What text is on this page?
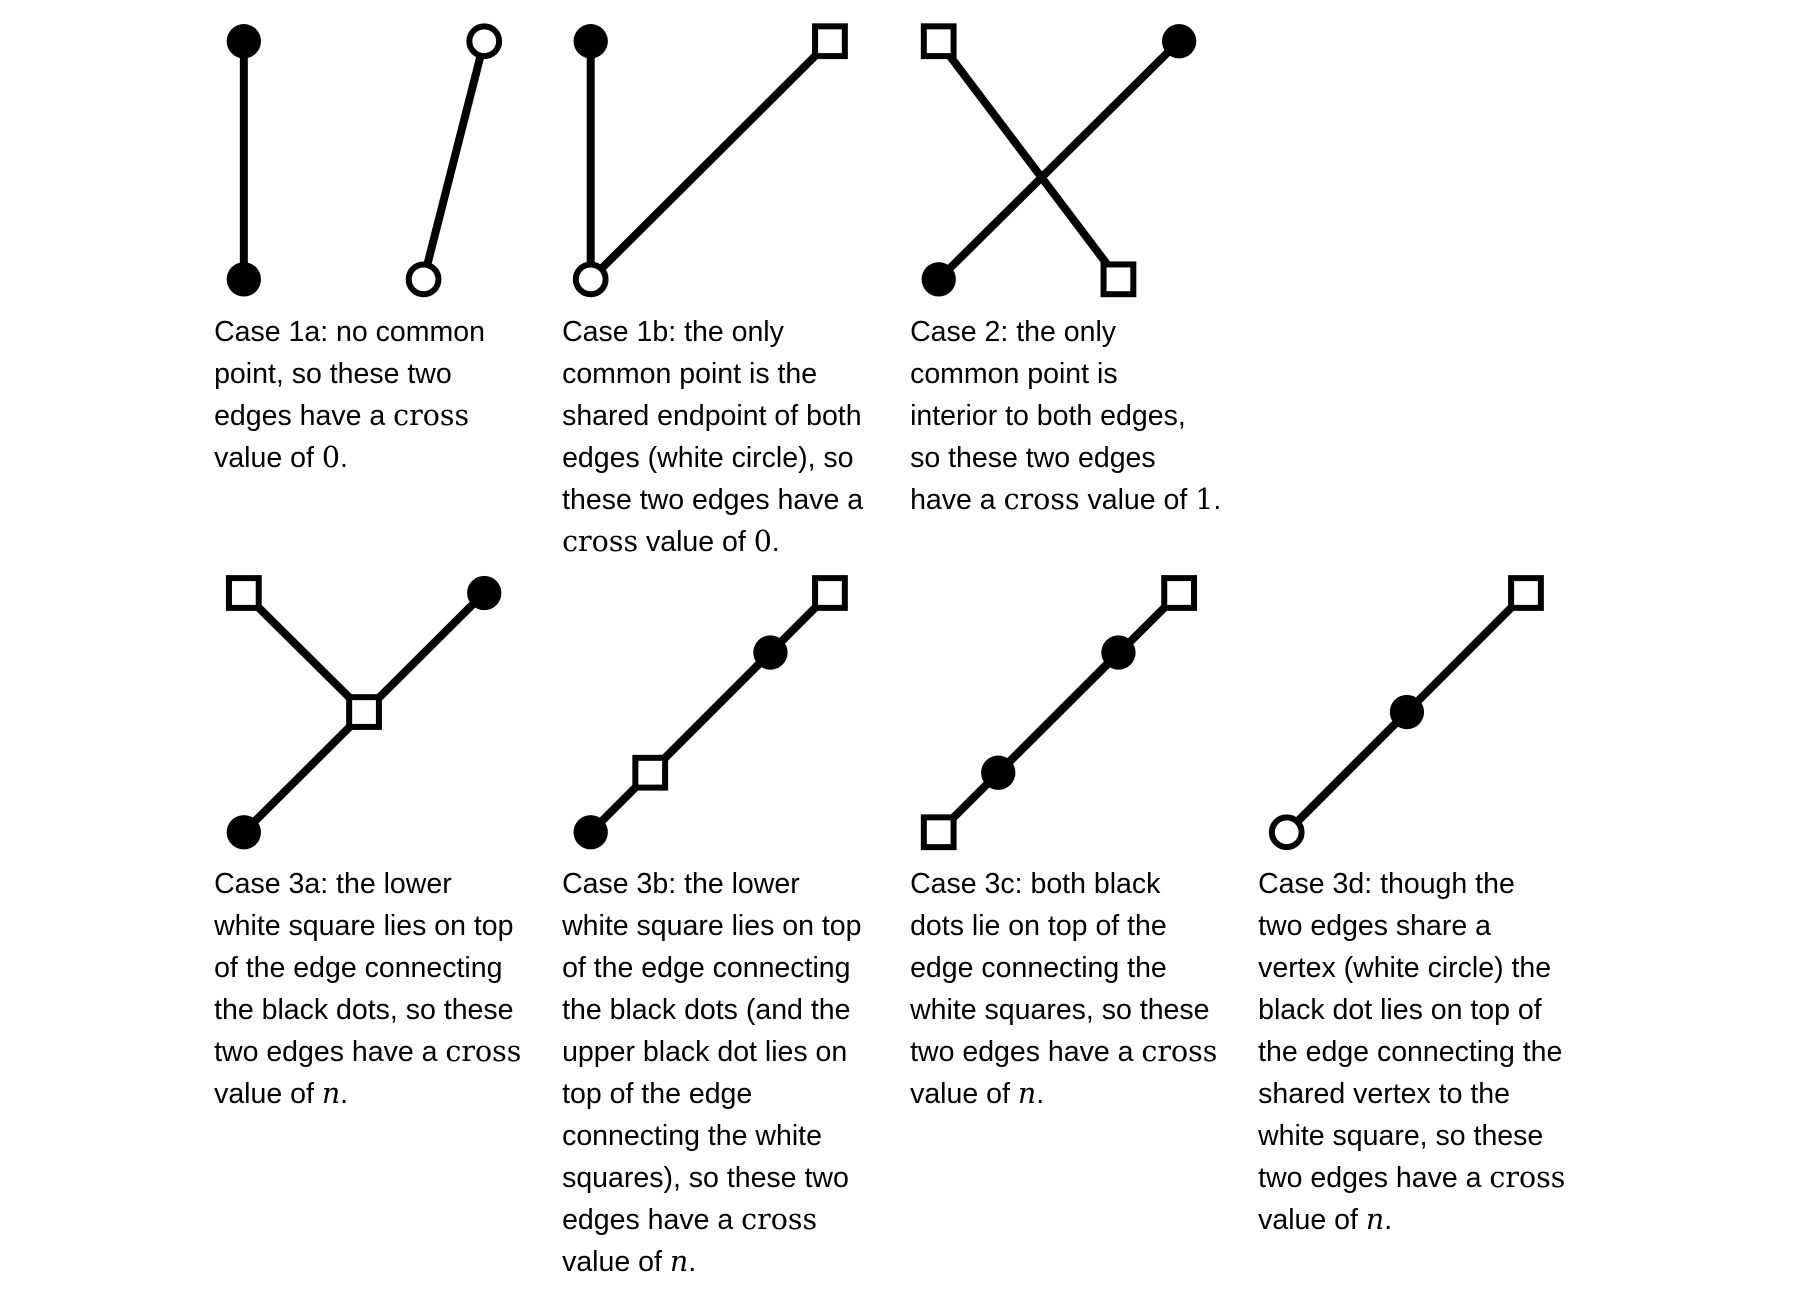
Case 1a: no common
point, so these two
edges have a cross
value of 0.
Case 1b: the only
common point is the
shared endpoint of both
edges (white circle), so
these two edges have a
cross value of 0.
Case 2: the only
common point is
interior to both edges,
so these two edges
have a cross value of 1.
Case 3a: the lower
white square lies on top
of the edge connecting
the black dots, so these
two edges have a cross
value of n.
Case 3b: the lower
white square lies on top
of the edge connecting
the black dots (and the
upper black dot lies on
top of the edge
connecting the white
squares), so these two
edges have a cross
value of n.
Case 3c: both black
dots lie on top of the
edge connecting the
white squares, so these
two edges have a cross
value of n.
Case 3d: though the
two edges share a
vertex (white circle) the
black dot lies on top of
the edge connecting the
shared vertex to the
white square, so these
two edges have a cross
value of n.
